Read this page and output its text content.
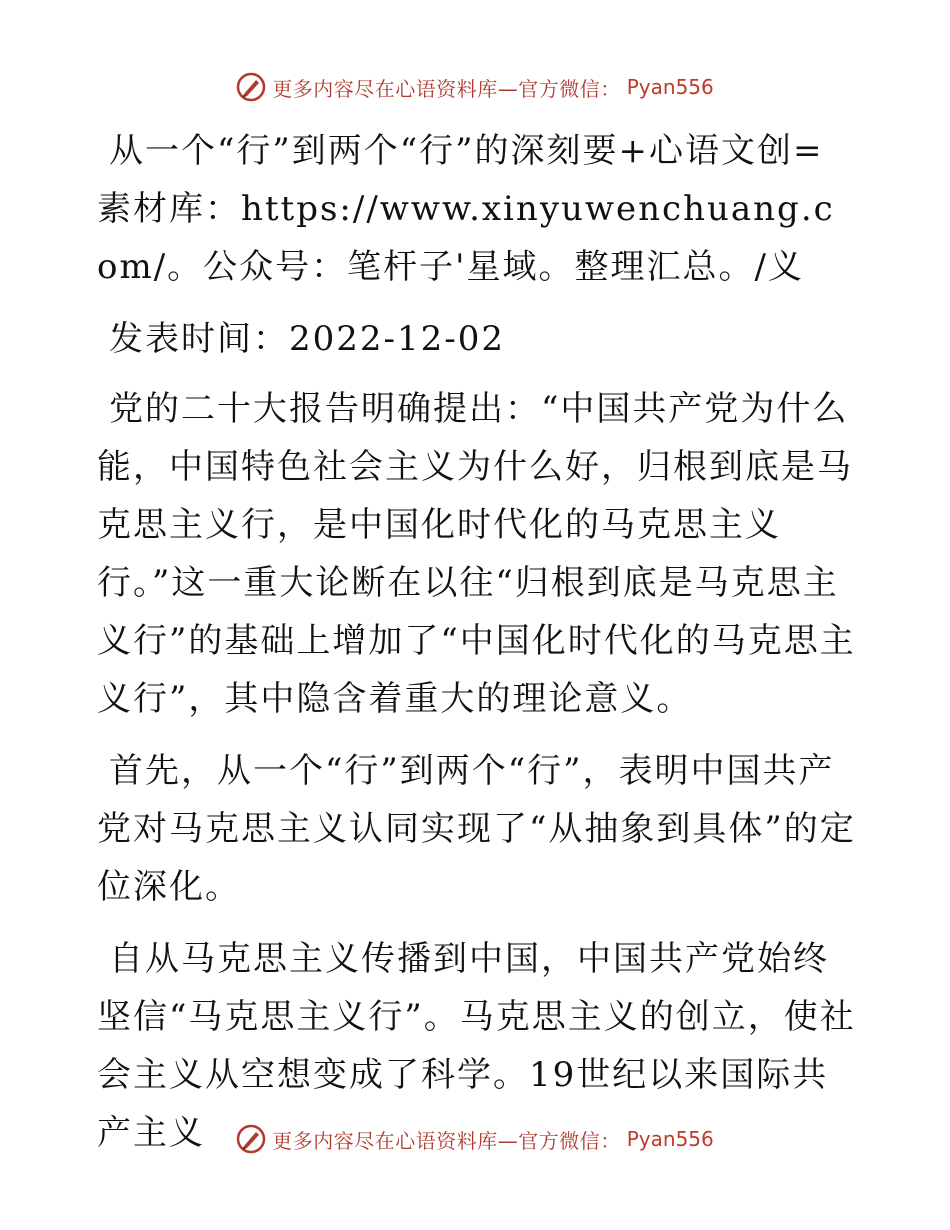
更多内容尽在心语资料库—官方微信： Pyan556

从一个“行”到两个“行”的深刻要+心语文创=素材库：https://www.xinyuwenchuang.com/。公众号：笔杆子'星域。整理汇总。/义

发表时间：2022-12-02

党的二十大报告明确提出：“中国共产党为什么能，中国特色社会主义为什么好，归根到底是马克思主义行，是中国化时代化的马克思主义行。”这一重大论断在以往“归根到底是马克思主义行”的基础上增加了“中国化时代化的马克思主义行”，其中隐含着重大的理论意义。

首先，从一个“行”到两个“行”，表明中国共产党对马克思主义认同实现了“从抽象到具体”的定位深化。

自从马克思主义传播到中国，中国共产党始终坚信“马克思主义行”。马克思主义的创立，使社会主义从空想变成了科学。19世纪以来国际共产主义	更多内容尽在心语资料库—官方微信： Pyan556
